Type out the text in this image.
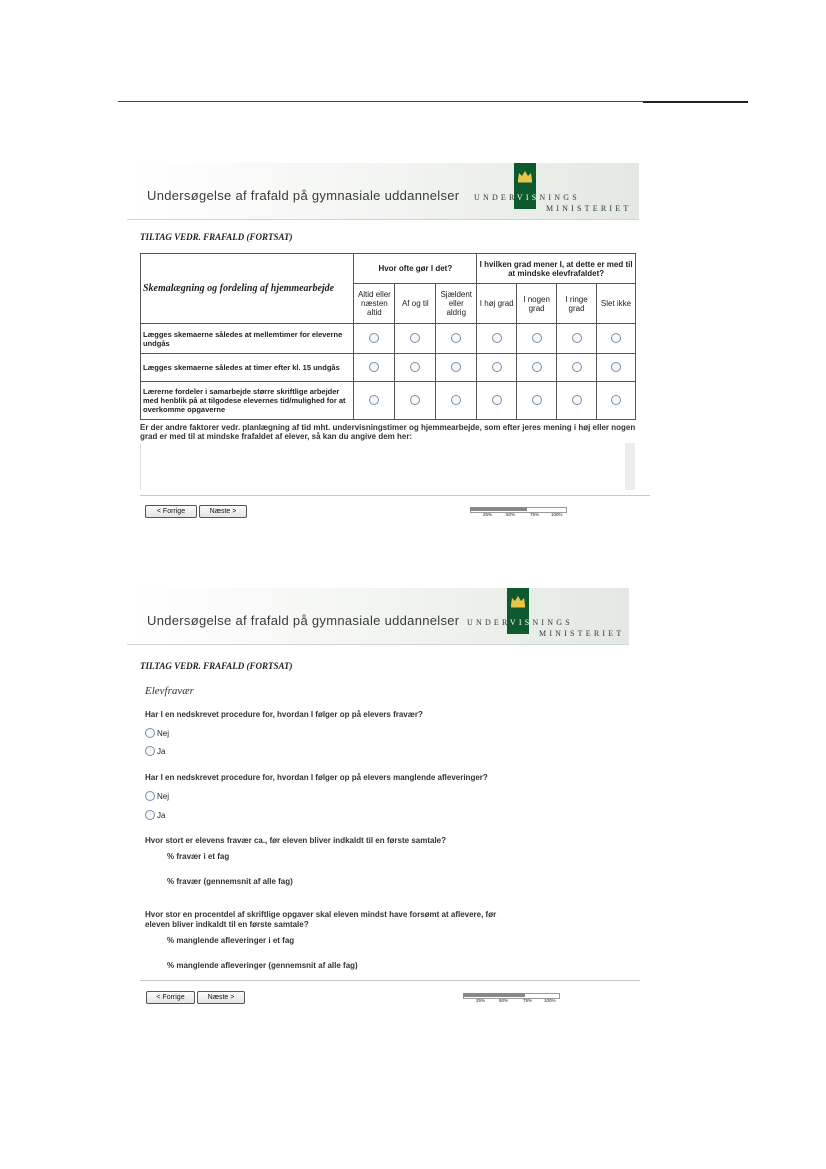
Undersøgelse af frafald på gymnasiale uddannelser UNDERVISNINGS
MINISTERIET
TILTAG VEDR. FRAFALD (FORTSAT)
Skemalægning og fordeling af hjemmearbejde	Hvor ofte gør I det?			I hvilken grad mener I, at dette er med til at mindske elevfrafaldet?			
	Altid eller næsten altid	Af og til	Sjældent eller aldrig	I høj grad	I nogen grad	I ringe grad	Slet ikke
Lægges skemaerne således at mellemtimer for eleverne undgås							
Lægges skemaerne således at timer efter kl. 15 undgås							
Lærerne fordeler i samarbejde større skriftlige arbejder med henblik på at tilgodese elevernes tid/mulighed for at overkomme opgaverne							
Er der andre faktorer vedr. planlægning af tid mht. undervisningstimer og hjemmearbejde, som efter jeres mening i høj eller nogen grad er med til at mindske frafaldet af elever, så kan du angive dem her:
< Forrige	Næste >	25%	50%	75%	100%
Undersøgelse af frafald på gymnasiale uddannelser UNDERVISNINGS
MINISTERIET
TILTAG VEDR. FRAFALD (FORTSAT)
Elevfravær
Har I en nedskrevet procedure for, hvordan I følger op på elevers fravær?
Nej
Ja
Har I en nedskrevet procedure for, hvordan I følger op på elevers manglende afleveringer?
Nej
Ja
Hvor stort er elevens fravær ca., før eleven bliver indkaldt til en første samtale?
% fravær i et fag
% fravær (gennemsnit af alle fag)
Hvor stor en procentdel af skriftlige opgaver skal eleven mindst have forsømt at aflevere, før
eleven bliver indkaldt til en første samtale?
% manglende afleveringer i et fag
% manglende afleveringer (gennemsnit af alle fag)
< Forrige	Næste >	25%	50%	75%	100%
